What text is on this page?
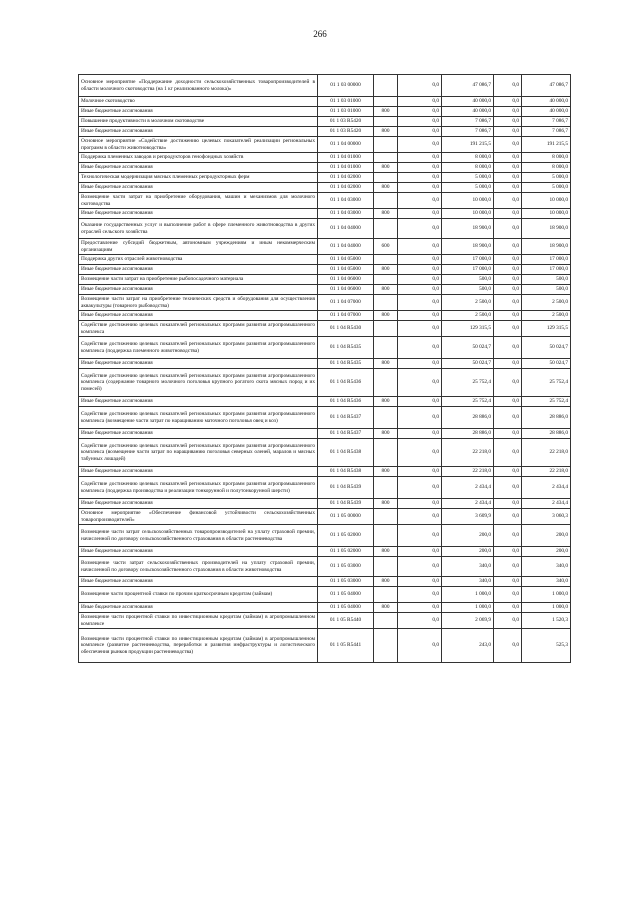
266
Основное мероприятие «Поддержание доходности сельскохозяйственных товаропроизводителей в области молочного скотоводства (на 1 кг реализованного молока)»	01 1 03 00000		0,0	47 086,7	0,0	47 086,7
Молочное скотоводство	01 1 03 01000		0,0	40 000,0	0,0	40 000,0
Иные бюджетные ассигнования	01 1 03 01000	800	0,0	40 000,0	0,0	40 000,0
Повышение продуктивности в молочном скотоводстве	01 1 03 R5420		0,0	7 086,7	0,0	7 086,7
Иные бюджетные ассигнования	01 1 03 R5420	800	0,0	7 086,7	0,0	7 086,7
Основное мероприятие «Содействие достижению целевых показателей реализации региональных программ в области животноводства»	01 1 04 00000		0,0	191 215,5	0,0	191 215,5
Поддержка племенных заводов и репродукторов генофондных хозяйств	01 1 04 01000		0,0	8 000,0	0,0	8 000,0
Иные бюджетные ассигнования	01 1 04 01000	800	0,0	8 000,0	0,0	8 000,0
Технологическая модернизация мясных племенных репродукторных ферм	01 1 04 02000		0,0	5 000,0	0,0	5 000,0
Иные бюджетные ассигнования	01 1 04 02000	800	0,0	5 000,0	0,0	5 000,0
Возмещение части затрат на приобретение оборудования, машин и механизмов для молочного скотоводства	01 1 04 03000		0,0	10 000,0	0,0	10 000,0
Иные бюджетные ассигнования	01 1 04 03000	800	0,0	10 000,0	0,0	10 000,0
Оказание государственных услуг и выполнение работ в сфере племенного животноводства в других отраслей сельского хозяйства	01 1 04 04000		0,0	18 900,0	0,0	18 900,0
Предоставление субсидий бюджетным, автономным учреждениям и иным некоммерческим организациям	01 1 04 04000	600	0,0	18 900,0	0,0	18 900,0
Поддержка других отраслей животноводства	01 1 04 05000		0,0	17 000,0	0,0	17 000,0
Иные бюджетные ассигнования	01 1 04 05000	800	0,0	17 000,0	0,0	17 000,0
Возмещение части затрат на приобретение рыбопосадочного материала	01 1 04 06000		0,0	500,0	0,0	500,0
Иные бюджетные ассигнования	01 1 04 06000	800	0,0	500,0	0,0	500,0
Возмещение части затрат на приобретение технических средств и оборудования для осуществления аквакультуры (товарного рыбоводства)	01 1 04 07000		0,0	2 500,0	0,0	2 500,0
Иные бюджетные ассигнования	01 1 04 07000	800	0,0	2 500,0	0,0	2 500,0
Содействие достижению целевых показателей региональных программ развития агропромышленного комплекса	01 1 04 R5430		0,0	129 315,5	0,0	129 315,5
Содействие достижению целевых показателей региональных программ развития агропромышленного комплекса (поддержка племенного животноводства)	01 1 04 R5435		0,0	50 024,7	0,0	50 024,7
Иные бюджетные ассигнования	01 1 04 R5435	800	0,0	50 024,7	0,0	50 024,7
Содействие достижению целевых показателей региональных программ развития агропромышленного комплекса (содержание товарного молочного поголовья крупного рогатого скота мясных пород и их помесей)	01 1 04 R5436		0,0	25 752,4	0,0	25 752,4
Иные бюджетные ассигнования	01 1 04 R5436	800	0,0	25 752,4	0,0	25 752,4
Содействие достижению целевых показателей региональных программ развития агропромышленного комплекса (возмещение части затрат по наращиванию маточного поголовья овец и коз)	01 1 04 R5437		0,0	28 886,0	0,0	28 886,0
Иные бюджетные ассигнования	01 1 04 R5437	800	0,0	28 886,0	0,0	28 886,0
Содействие достижению целевых показателей региональных программ развития агропромышленного комплекса (возмещение части затрат по наращиванию поголовья северных оленей, маралов и мясных табунных лошадей)	01 1 04 R5438		0,0	22 218,0	0,0	22 218,0
Иные бюджетные ассигнования	01 1 04 R5438	800	0,0	22 218,0	0,0	22 218,0
Содействие достижению целевых показателей региональных программ развития агропромышленного комплекса (поддержка производства и реализации тонкорунной и полутонкорунной шерсти)	01 1 04 R5439		0,0	2 434,4	0,0	2 434,4
Иные бюджетные ассигнования	01 1 04 R5439	800	0,0	2 434,4	0,0	2 434,4
Основное мероприятие «Обеспечение финансовой устойчивости сельскохозяйственных товаропроизводителей»	01 1 05 00000		0,0	3 609,9	0,0	3 060,3
Возмещение части затрат сельскохозяйственных товаропроизводителей на уплату страховой премии, начисленной по договору сельскохозяйственного страхования в области растениеводства	01 1 05 02000		0,0	200,0	0,0	200,0
Иные бюджетные ассигнования	01 1 05 02000	800	0,0	200,0	0,0	200,0
Возмещение части затрат сельскохозяйственных производителей на уплату страховой премии, начисленной по договору сельскохозяйственного страхования в области животноводства	01 1 05 03000		0,0	340,0	0,0	340,0
Иные бюджетные ассигнования	01 1 05 03000	800	0,0	340,0	0,0	340,0
Возмещение части процентной ставки по прочим краткосрочным кредитам (займам)	01 1 05 04000		0,0	1 000,0	0,0	1 000,0
Иные бюджетные ассигнования	01 1 05 04000	800	0,0	1 000,0	0,0	1 000,0
Возмещение части процентной ставки по инвестиционным кредитам (займам) в агропромышленном комплексе	01 1 05 R5440		0,0	2 069,9	0,0	1 520,3
Возмещение части процентной ставки по инвестиционным кредитам (займам) в агропромышленном комплексе (развитие растениеводства, переработки и развития инфраструктуры и логистического обеспечения рынков продукции растениеводства)	01 1 05 R5441		0,0	243,0	0,0	525,3
